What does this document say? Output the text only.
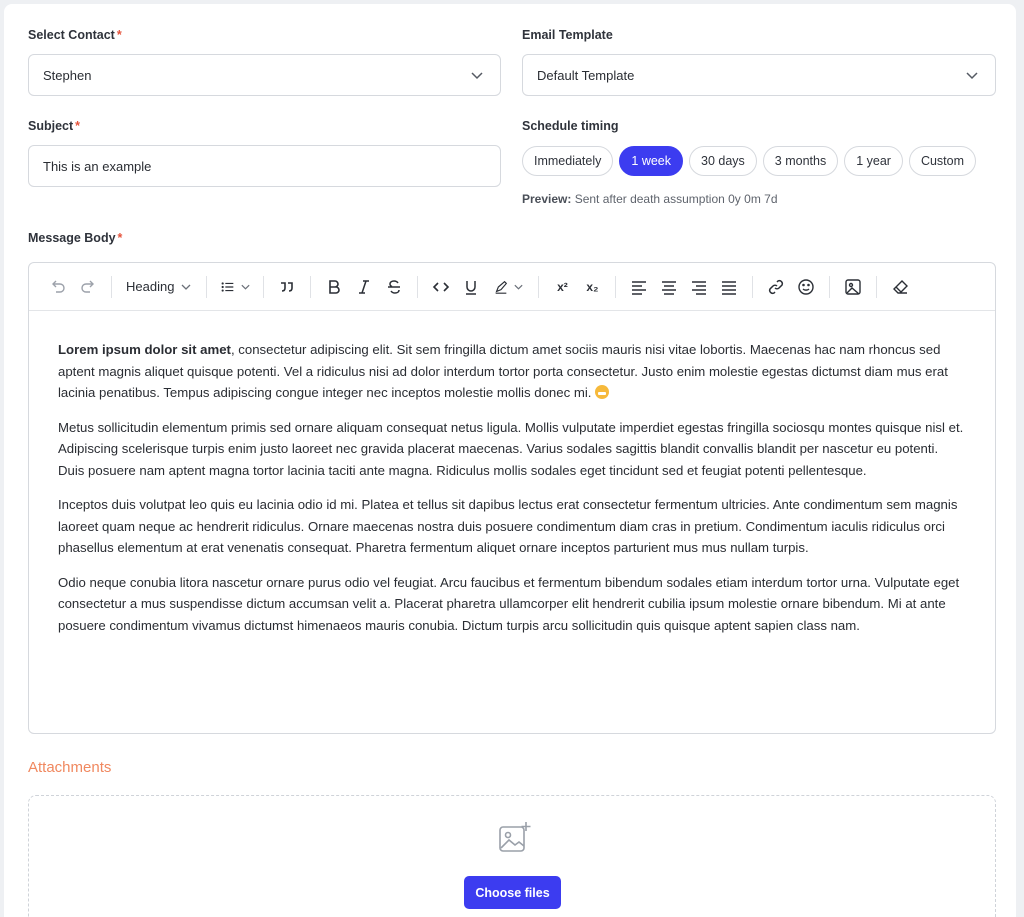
Select Contact *
Stephen
Email Template
Default Template
Subject *
This is an example
Schedule timing
Immediately	1 week	30 days	3 months	1 year	Custom
Preview: Sent after death assumption 0y 0m 7d
Message Body *
Heading	x²	x₂

Lorem ipsum dolor sit amet, consectetur adipiscing elit. Sit sem fringilla dictum amet sociis mauris nisi vitae lobortis. Maecenas hac nam rhoncus sed aptent magnis aliquet quisque potenti. Vel a ridiculus nisi ad dolor interdum tortor porta consectetur. Justo enim molestie egestas dictumst diam mus erat lacinia penatibus. Tempus adipiscing congue integer nec inceptos molestie mollis donec mi.

Metus sollicitudin elementum primis sed ornare aliquam consequat netus ligula. Mollis vulputate imperdiet egestas fringilla sociosqu montes quisque nisl et. Adipiscing scelerisque turpis enim justo laoreet nec gravida placerat maecenas. Varius sodales sagittis blandit convallis blandit per nascetur eu potenti. Duis posuere nam aptent magna tortor lacinia taciti ante magna. Ridiculus mollis sodales eget tincidunt sed et feugiat potenti pellentesque.

Inceptos duis volutpat leo quis eu lacinia odio id mi. Platea et tellus sit dapibus lectus erat consectetur fermentum ultricies. Ante condimentum sem magnis laoreet quam neque ac hendrerit ridiculus. Ornare maecenas nostra duis posuere condimentum diam cras in pretium. Condimentum iaculis ridiculus orci phasellus elementum at erat venenatis consequat. Pharetra fermentum aliquet ornare inceptos parturient mus mus nullam turpis.

Odio neque conubia litora nascetur ornare purus odio vel feugiat. Arcu faucibus et fermentum bibendum sodales etiam interdum tortor urna. Vulputate eget consectetur a mus suspendisse dictum accumsan velit a. Placerat pharetra ullamcorper elit hendrerit cubilia ipsum molestie ornare bibendum. Mi at ante posuere condimentum vivamus dictumst himenaeos mauris conubia. Dictum turpis arcu sollicitudin quis quisque aptent sapien class nam.

Attachments
Choose files
